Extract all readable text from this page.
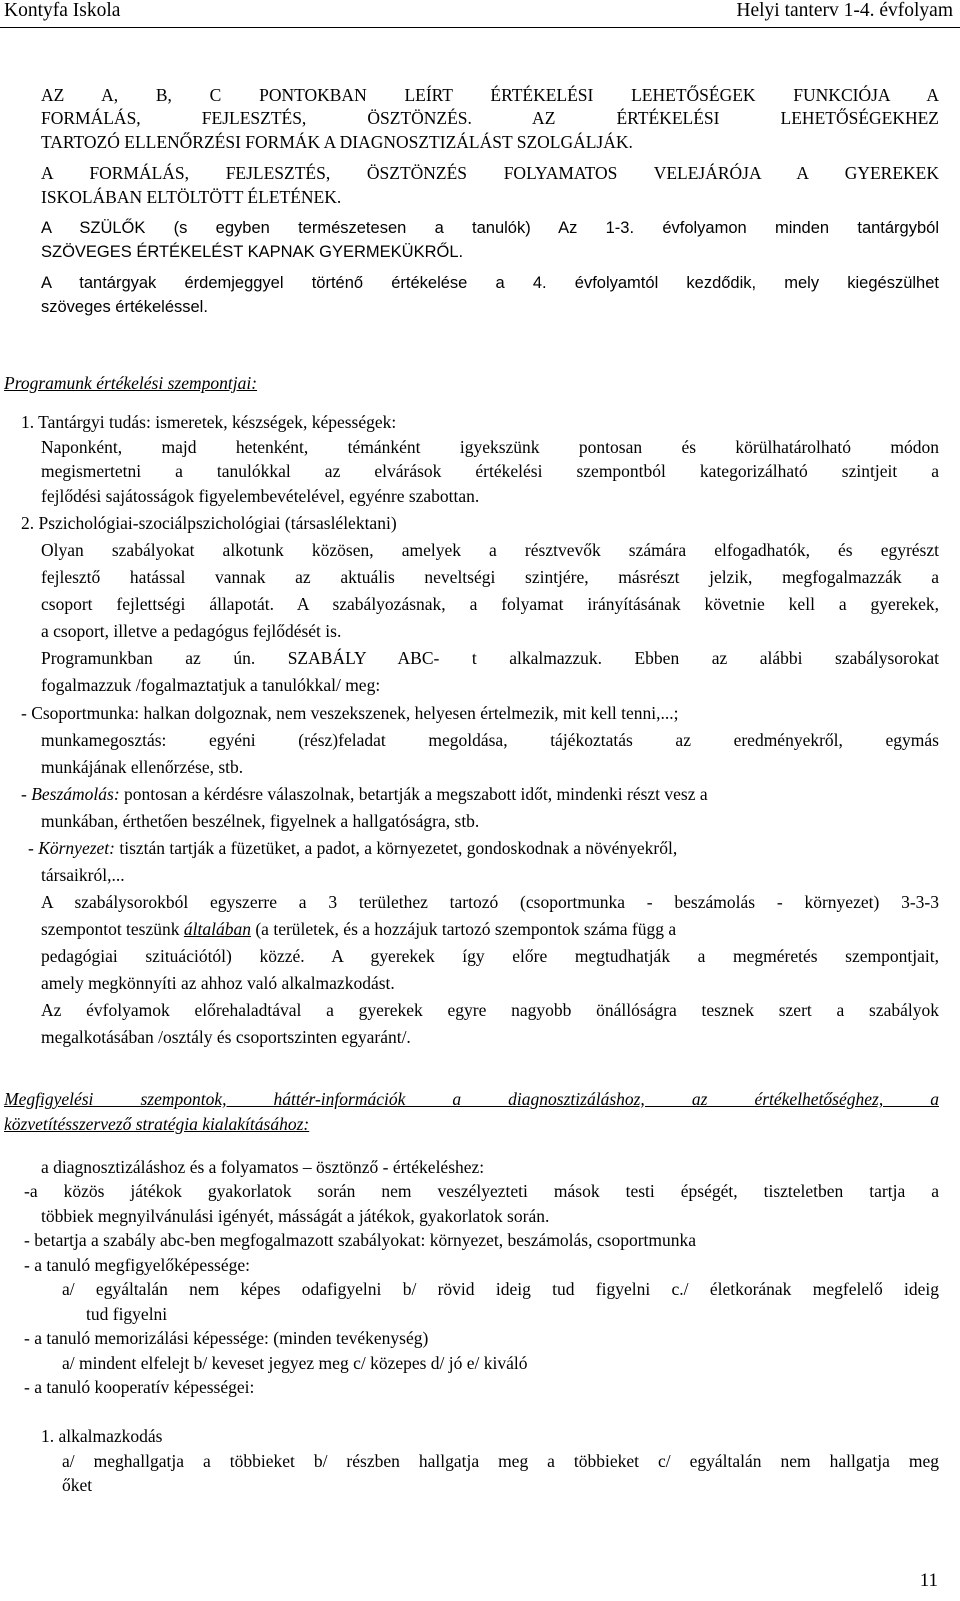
Kontyfa Iskola	Helyi tanterv 1-4. évfolyam
AZ A, B, C PONTOKBAN LEÍRT ÉRTÉKELÉSI LEHETŐSÉGEK FUNKCIÓJA A
FORMÁLÁS, FEJLESZTÉS, ÖSZTÖNZÉS. AZ ÉRTÉKELÉSI LEHETŐSÉGEKHEZ
TARTOZÓ ELLENŐRZÉSI FORMÁK A DIAGNOSZTIZÁLÁST SZOLGÁLJÁK.
A FORMÁLÁS, FEJLESZTÉS, ÖSZTÖNZÉS FOLYAMATOS VELEJÁRÓJA A GYEREKEK
ISKOLÁBAN ELTÖLTÖTT ÉLETÉNEK.
A SZÜLŐK (s egyben természetesen a tanulók) Az 1-3. évfolyamon minden tantárgyból
SZÖVEGES ÉRTÉKELÉST KAPNAK GYERMEKÜKRŐL.
A tantárgyak érdemjeggyel történő értékelése a 4. évfolyamtól kezdődik, mely kiegészülhet
szöveges értékeléssel.
Programunk értékelési szempontjai:
1. Tantárgyi tudás: ismeretek, készségek, képességek:
Naponként, majd hetenként, témánként igyekszünk pontosan és körülhatárolható módon
megismertetni a tanulókkal az elvárások értékelési szempontból kategorizálható szintjeit a
fejlődési sajátosságok figyelembevételével, egyénre szabottan.
2. Pszichológiai-szociálpszichológiai (társaslélektani)
Olyan szabályokat alkotunk közösen, amelyek a résztvevők számára elfogadhatók, és egyrészt
fejlesztő hatással vannak az aktuális neveltségi szintjére, másrészt jelzik, megfogalmazzák a
csoport fejlettségi állapotát. A szabályozásnak, a folyamat irányításának követnie kell a gyerekek,
a csoport, illetve a pedagógus fejlődését is.
Programunkban az ún. SZABÁLY ABC- t alkalmazzuk. Ebben az alábbi szabálysorokat
fogalmazzuk /fogalmaztatjuk a tanulókkal/ meg:
- Csoportmunka: halkan dolgoznak, nem veszekszenek, helyesen értelmezik, mit kell tenni,...;
munkamegosztás: egyéni (rész)feladat megoldása, tájékoztatás az eredményekről, egymás
munkájának ellenőrzése, stb.
- Beszámolás: pontosan a kérdésre válaszolnak, betartják a megszabott időt, mindenki részt vesz a
munkában, érthetően beszélnek, figyelnek a hallgatóságra, stb.
- Környezet: tisztán tartják a füzetüket, a padot, a környezetet, gondoskodnak a növényekről,
társaikról,...
A szabálysorokból egyszerre a 3 területhez tartozó (csoportmunka - beszámolás - környezet) 3-3-3
szempontot teszünk általában (a területek, és a hozzájuk tartozó szempontok száma függ a
pedagógiai szituációtól) közzé. A gyerekek így előre megtudhatják a megméretés szempontjait,
amely megkönnyíti az ahhoz való alkalmazkodást.
Az évfolyamok előrehaladtával a gyerekek egyre nagyobb önállóságra tesznek szert a szabályok
megalkotásában /osztály és csoportszinten egyaránt/.
Megfigyelési szempontok, háttér-információk a diagnosztizáláshoz, az értékelhetőséghez, a
közvetítésszervező stratégia kialakításához:
a diagnosztizáláshoz és a folyamatos – ösztönző - értékeléshez:
-a közös játékok gyakorlatok során nem veszélyezteti mások testi épségét, tiszteletben tartja a
többiek megnyilvánulási igényét, másságát a játékok, gyakorlatok során.
- betartja a szabály abc-ben megfogalmazott szabályokat: környezet, beszámolás, csoportmunka
- a tanuló megfigyelőképessége:
a/ egyáltalán nem képes odafigyelni b/ rövid ideig tud figyelni c./ életkorának megfelelő ideig
tud figyelni
- a tanuló memorizálási képessége: (minden tevékenység)
a/ mindent elfelejt b/ keveset jegyez meg c/ közepes d/ jó e/ kiváló
- a tanuló kooperatív képességei:
1. alkalmazkodás
a/ meghallgatja a többieket b/ részben hallgatja meg a többieket c/ egyáltalán nem hallgatja meg
őket
11
